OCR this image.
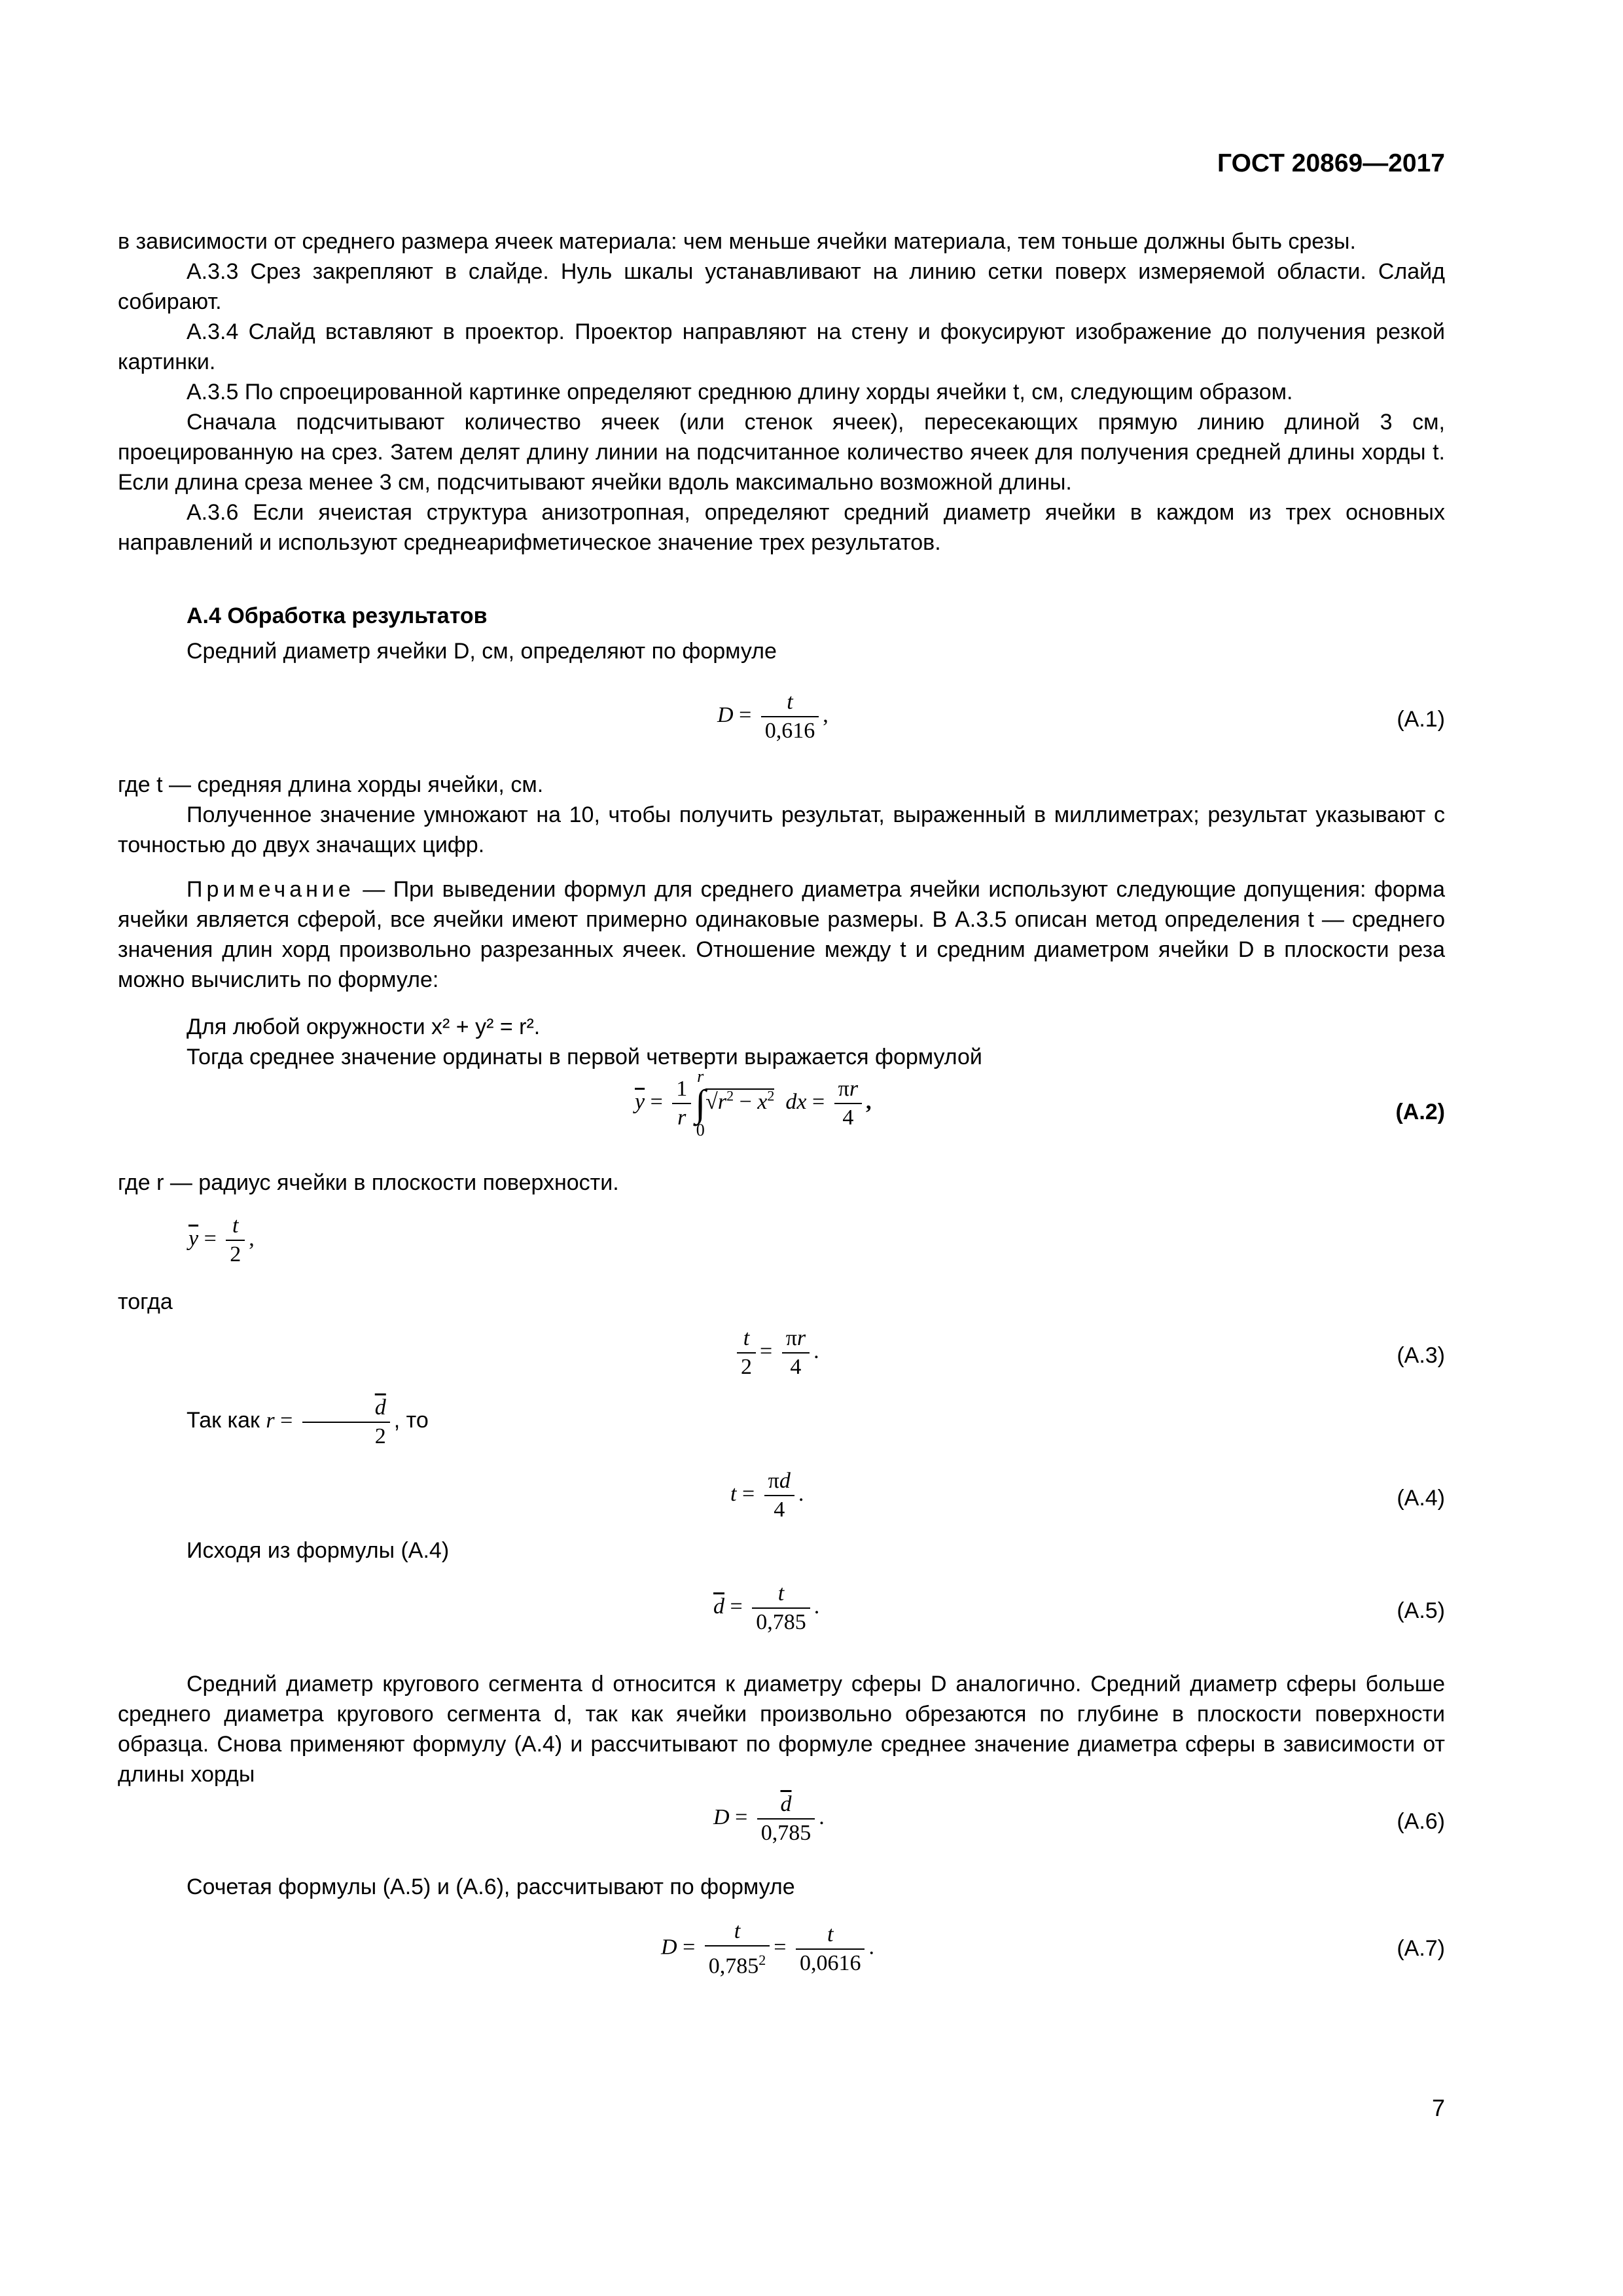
ГОСТ 20869—2017

в зависимости от среднего размера ячеек материала: чем меньше ячейки материала, тем тоньше должны быть срезы.

А.3.3 Срез закрепляют в слайде. Нуль шкалы устанавливают на линию сетки поверх измеряемой области. Слайд собирают.

А.3.4 Слайд вставляют в проектор. Проектор направляют на стену и фокусируют изображение до получения резкой картинки.

А.3.5 По спроецированной картинке определяют среднюю длину хорды ячейки t, см, следующим образом.

Сначала подсчитывают количество ячеек (или стенок ячеек), пересекающих прямую линию длиной 3 см, проецированную на срез. Затем делят длину линии на подсчитанное количество ячеек для получения средней длины хорды t. Если длина среза менее 3 см, подсчитывают ячейки вдоль максимально возможной длины.

А.3.6 Если ячеистая структура анизотропная, определяют средний диаметр ячейки в каждом из трех основных направлений и используют среднеарифметическое значение трех результатов.

А.4 Обработка результатов

Средний диаметр ячейки D, см, определяют по формуле

$D = \frac{t}{0,616}$ ,	(А.1)

где t — средняя длина хорды ячейки, см.

Полученное значение умножают на 10, чтобы получить результат, выраженный в миллиметрах; результат указывают с точностью до двух значащих цифр.

Примечание — При выведении формул для среднего диаметра ячейки используют следующие допущения: форма ячейки является сферой, все ячейки имеют примерно одинаковые размеры. В А.3.5 описан метод определения t — среднего значения длин хорд произвольно разрезанных ячеек. Отношение между t и средним диаметром ячейки D в плоскости реза можно вычислить по формуле:

Для любой окружности x² + y² = r².

Тогда среднее значение ординаты в первой четверти выражается формулой

$\overline{y} = \frac{1}{r}$ r
∫
$0√r^2 - x^2$ dx = $\frac{\pi r}{4}$ ,	(А.2)

где r — радиус ячейки в плоскости поверхности.

$\overline{y} = \frac{t}{2}$ ,

тогда

$\frac{t}{2} = \frac{\pi r}{4}$ .	(А.3)

Так как $r = \frac{\overline{d}}{2}$ , то

$t = \frac{\pi d}{4}$ .	(А.4)

Исходя из формулы (А.4)

$\overline{d} = \frac{t}{0,785}$ .	(А.5)

Средний диаметр кругового сегмента d относится к диаметру сферы D аналогично. Средний диаметр сферы больше среднего диаметра кругового сегмента d, так как ячейки произвольно обрезаются по глубине в плоскости поверхности образца. Снова применяют формулу (А.4) и рассчитывают по формуле среднее значение диаметра сферы в зависимости от длины хорды

$D = \frac{\overline{d}}{0,785}$ .	(А.6)

Сочетая формулы (А.5) и (А.6), рассчитывают по формуле

$D = \frac{t}{0,785^2} = \frac{t}{0,0616}$ .	(А.7)
7
